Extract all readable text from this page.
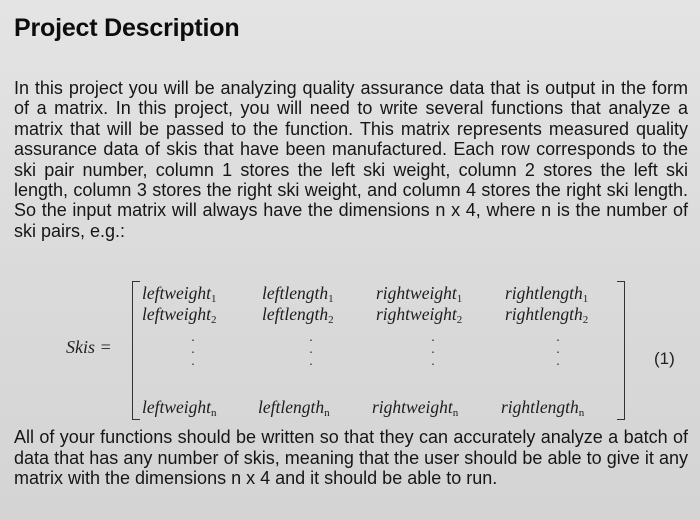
Project Description
In this project you will be analyzing quality assurance data that is output in the form of a matrix. In this project, you will need to write several functions that analyze a matrix that will be passed to the function. This matrix represents measured quality assurance data of skis that have been manufactured. Each row corresponds to the ski pair number, column 1 stores the left ski weight, column 2 stores the left ski length, column 3 stores the right ski weight, and column 4 stores the right ski length. So the input matrix will always have the dimensions n x 4, where n is the number of ski pairs, e.g.:
Skis =
leftweight$_1$	leftlength$_1$ rightweight$_1$ rightlength$_1$
leftweight$_2$	leftlength$_2$ rightweight$_2$ rightlength$_2$
⋅
⋅
⋅
⋅
⋅
⋅
⋅
⋅
⋅
⋅
⋅
⋅
leftweight$_n$ leftlength$_n$ rightweight$_n$ rightlength$_n$
(1)
All of your functions should be written so that they can accurately analyze a batch of data that has any number of skis, meaning that the user should be able to give it any matrix with the dimensions n x 4 and it should be able to run.
